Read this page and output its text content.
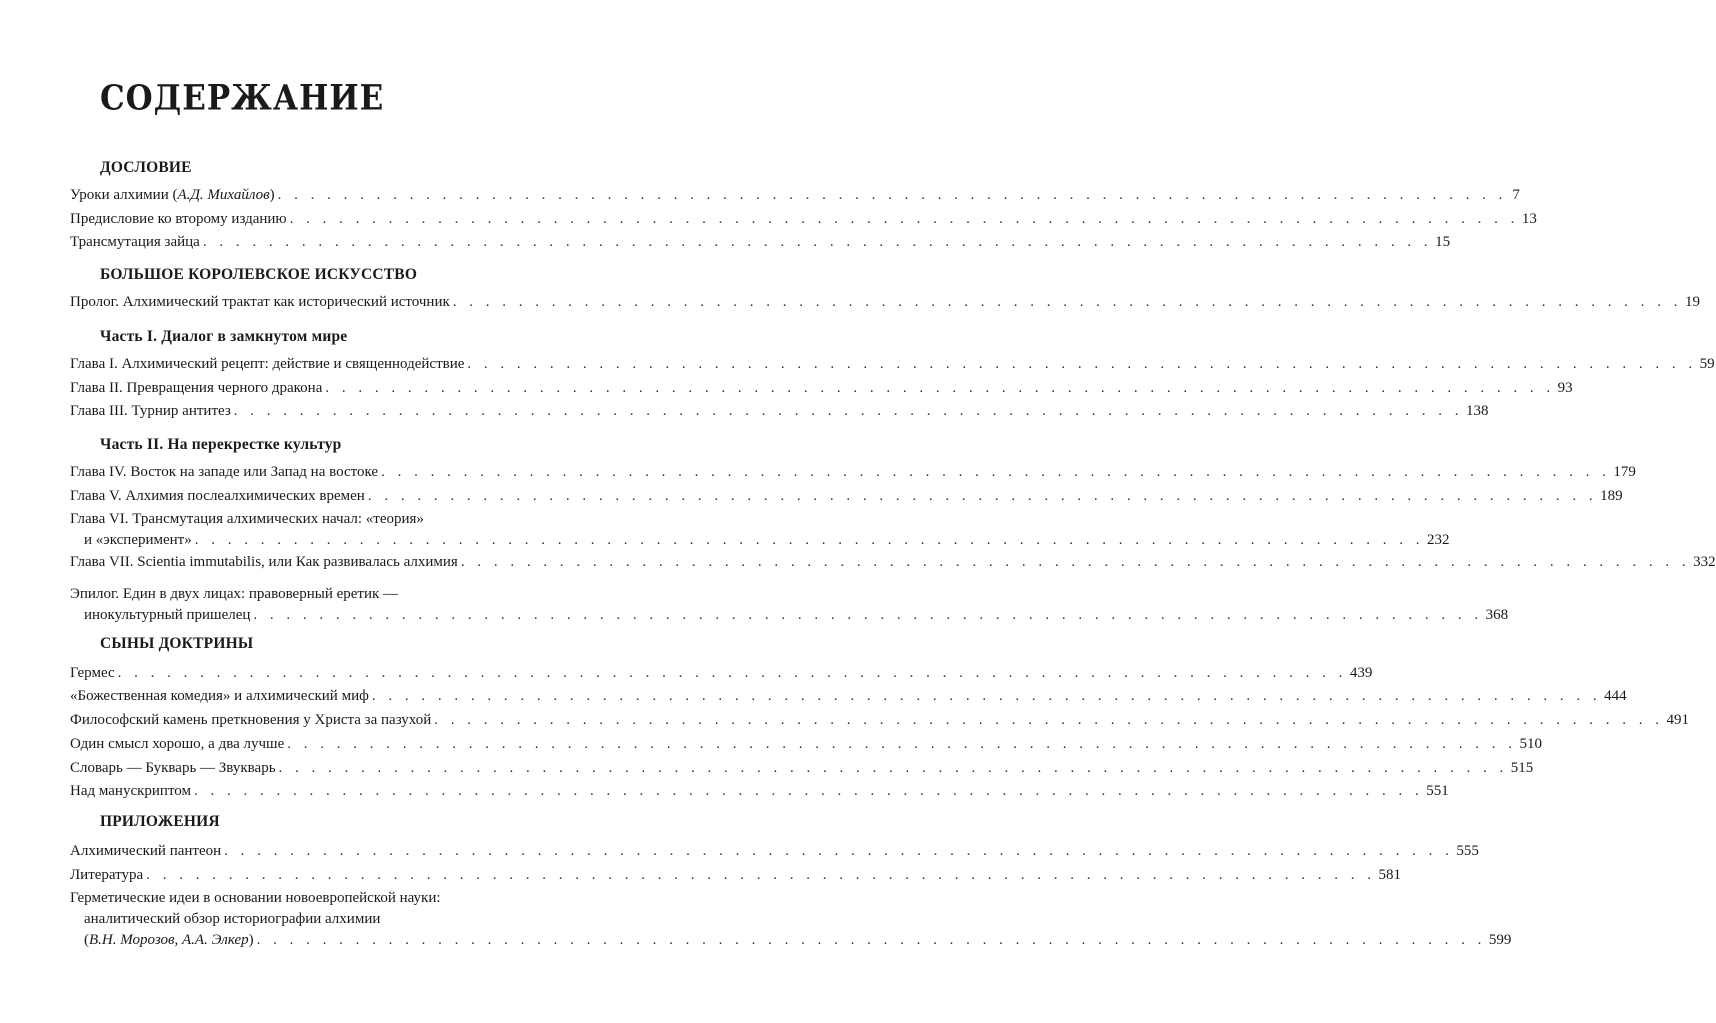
СОДЕРЖАНИЕ
ДОСЛОВИЕ
Уроки алхимии (А.Д. Михайлов) . . . . . . . . . . . . . . . . . . . . . . . . . . . . . . . . . . . . . . . . . . . . . . . . . . . . . . . . . . . . . . . . . . . . . . . . . . . 7
Предисловие ко второму изданию . . . . . . . . . . . . . . . . . . . . . . . . . . . . . . . . . . . . . . . . . . . . . . . . . . . . . . . . . . . . . . . . . . . . . . . . . . . 13
Трансмутация зайца . . . . . . . . . . . . . . . . . . . . . . . . . . . . . . . . . . . . . . . . . . . . . . . . . . . . . . . . . . . . . . . . . . . . . . . . . . . 15
БОЛЬШОЕ КОРОЛЕВСКОЕ ИСКУССТВО
Пролог. Алхимический трактат как исторический источник . . . . . . . . . . . . . . . . . . . . . . . . . . . . . . . . . . . . . . . . . . . . . . . . . . . . . . . . . . . . . . . . . . . . . . . . . . . 19
Часть I. Диалог в замкнутом мире
Глава I. Алхимический рецепт: действие и священнодействие . . . . . . . . . . . . . . . . . . . . . . . . . . . . . . . . . . . . . . . . . . . . . . . . . . . . . . . . . . . . . . . . . . . . . . . . . . . 59
Глава II. Превращения черного дракона . . . . . . . . . . . . . . . . . . . . . . . . . . . . . . . . . . . . . . . . . . . . . . . . . . . . . . . . . . . . . . . . . . . . . . . . . . . 93
Глава III. Турнир антитез . . . . . . . . . . . . . . . . . . . . . . . . . . . . . . . . . . . . . . . . . . . . . . . . . . . . . . . . . . . . . . . . . . . . . . . . . . . 138
Часть II. На перекрестке культур
Глава IV. Восток на западе или Запад на востоке . . . . . . . . . . . . . . . . . . . . . . . . . . . . . . . . . . . . . . . . . . . . . . . . . . . . . . . . . . . . . . . . . . . . . . . . . . . 179
Глава V. Алхимия послеалхимических времен . . . . . . . . . . . . . . . . . . . . . . . . . . . . . . . . . . . . . . . . . . . . . . . . . . . . . . . . . . . . . . . . . . . . . . . . . . . 189
Глава VI. Трансмутация алхимических начал: «теория»
и «эксперимент» . . . . . . . . . . . . . . . . . . . . . . . . . . . . . . . . . . . . . . . . . . . . . . . . . . . . . . . . . . . . . . . . . . . . . . . . . . . 232
Глава VII. Scientia immutabilis, или Как развивалась алхимия . . . . . . . . . . . . . . . . . . . . . . . . . . . . . . . . . . . . . . . . . . . . . . . . . . . . . . . . . . . . . . . . . . . . . . . . . . . 332
Эпилог. Един в двух лицах: правоверный еретик —
инокультурный пришелец . . . . . . . . . . . . . . . . . . . . . . . . . . . . . . . . . . . . . . . . . . . . . . . . . . . . . . . . . . . . . . . . . . . . . . . . . . . 368
СЫНЫ ДОКТРИНЫ
Гермес . . . . . . . . . . . . . . . . . . . . . . . . . . . . . . . . . . . . . . . . . . . . . . . . . . . . . . . . . . . . . . . . . . . . . . . . . . . 439
«Божественная комедия» и алхимический миф . . . . . . . . . . . . . . . . . . . . . . . . . . . . . . . . . . . . . . . . . . . . . . . . . . . . . . . . . . . . . . . . . . . . . . . . . . . 444
Философский камень преткновения у Христа за пазухой . . . . . . . . . . . . . . . . . . . . . . . . . . . . . . . . . . . . . . . . . . . . . . . . . . . . . . . . . . . . . . . . . . . . . . . . . . . 491
Один смысл хорошо, а два лучше . . . . . . . . . . . . . . . . . . . . . . . . . . . . . . . . . . . . . . . . . . . . . . . . . . . . . . . . . . . . . . . . . . . . . . . . . . . 510
Словарь — Букварь — Звукварь . . . . . . . . . . . . . . . . . . . . . . . . . . . . . . . . . . . . . . . . . . . . . . . . . . . . . . . . . . . . . . . . . . . . . . . . . . . 515
Над манускриптом . . . . . . . . . . . . . . . . . . . . . . . . . . . . . . . . . . . . . . . . . . . . . . . . . . . . . . . . . . . . . . . . . . . . . . . . . . . 551
ПРИЛОЖЕНИЯ
Алхимический пантеон . . . . . . . . . . . . . . . . . . . . . . . . . . . . . . . . . . . . . . . . . . . . . . . . . . . . . . . . . . . . . . . . . . . . . . . . . . . 555
Литература . . . . . . . . . . . . . . . . . . . . . . . . . . . . . . . . . . . . . . . . . . . . . . . . . . . . . . . . . . . . . . . . . . . . . . . . . . . 581
Герметические идеи в основании новоевропейской науки:
аналитический обзор историографии алхимии
(В.Н. Морозов, А.А. Элкер) . . . . . . . . . . . . . . . . . . . . . . . . . . . . . . . . . . . . . . . . . . . . . . . . . . . . . . . . . . . . . . . . . . . . . . . . . . . 599
